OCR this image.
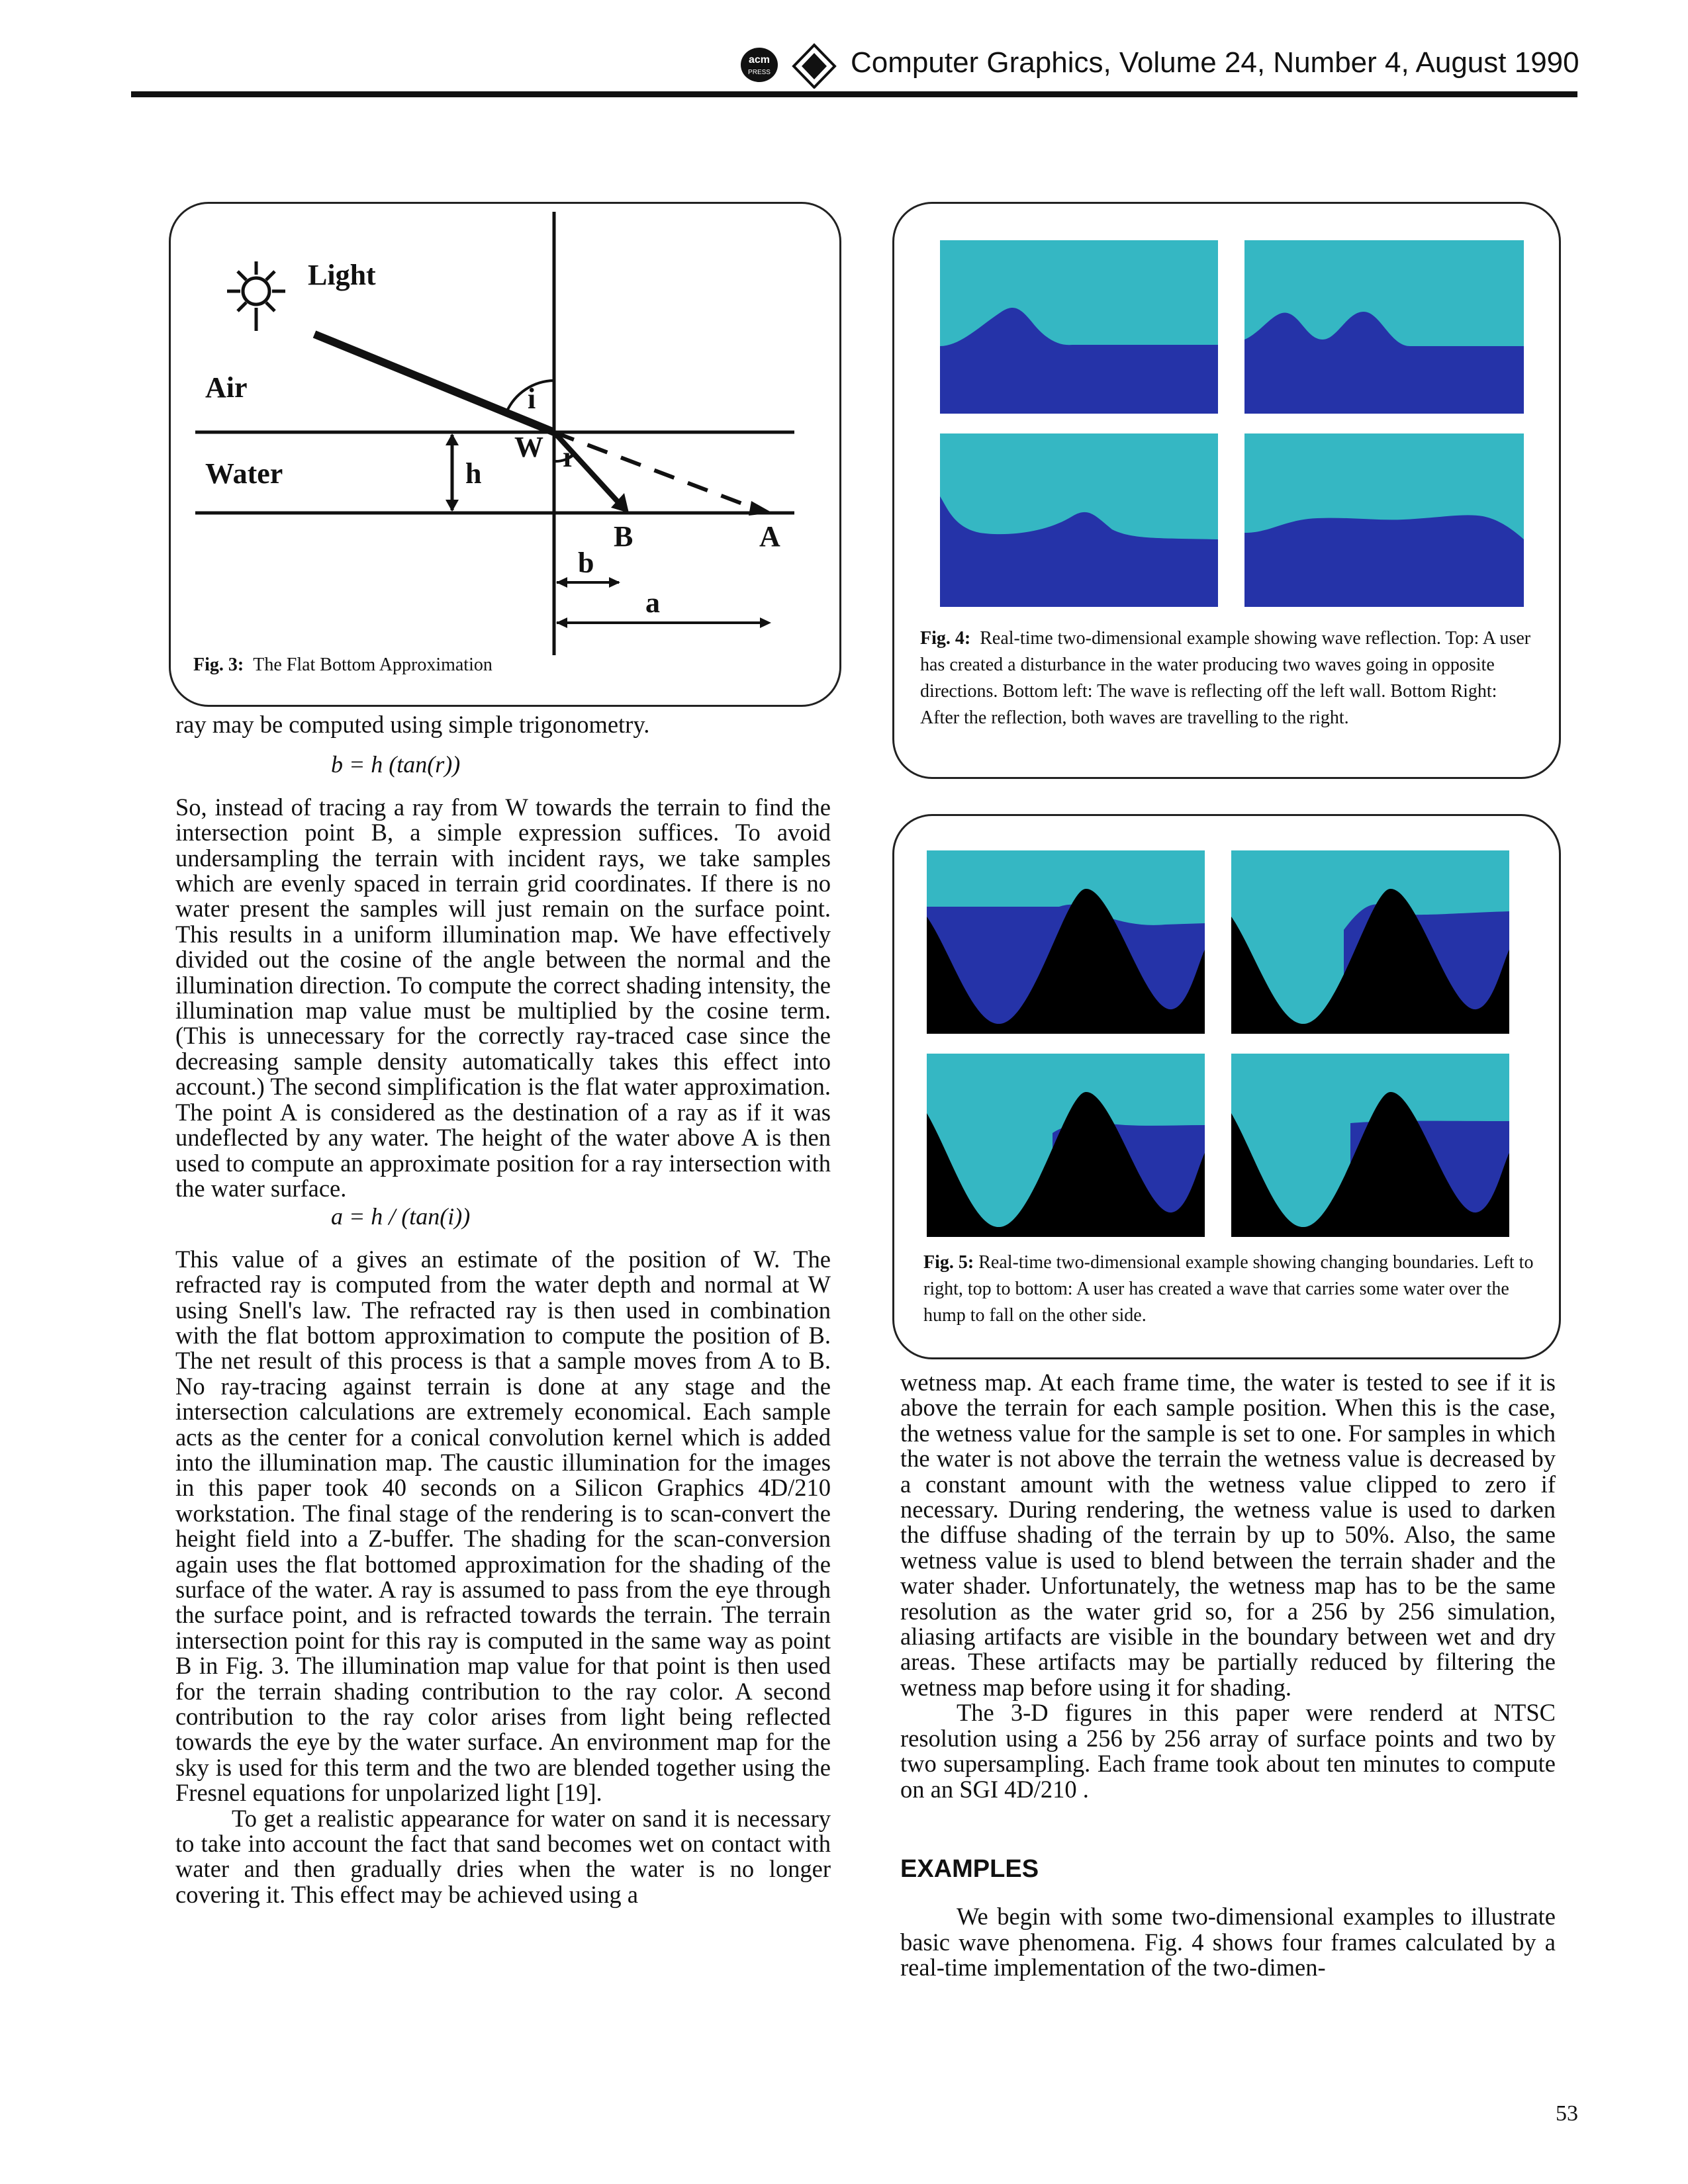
acm
PRESS	Computer Graphics, Volume 24, Number 4, August 1990
Light
Air
Water
i
r
W
h
B	A
b
a
Fig. 3: The Flat Bottom Approximation
Fig. 4: Real-time two-dimensional example showing wave reflection. Top: A user has created a disturbance in the water producing two waves going in opposite directions. Bottom left: The wave is reflecting off the left wall. Bottom Right: After the reflection, both waves are travelling to the right.
Fig. 5: Real-time two-dimensional example showing changing boundaries. Left to right, top to bottom: A user has created a wave that carries some water over the hump to fall on the other side.

ray may be computed using simple trigonometry.

b = h (tan(r))

So, instead of tracing a ray from W towards the terrain to find the intersection point B, a simple expression suffices. To avoid undersampling the terrain with incident rays, we take samples which are evenly spaced in terrain grid coordinates. If there is no water present the samples will just remain on the surface point. This results in a uniform illumination map. We have effectively divided out the cosine of the angle between the normal and the illumination direction. To compute the correct shading intensity, the illumination map value must be multiplied by the cosine term. (This is unnecessary for the correctly ray-traced case since the decreasing sample density automatically takes this effect into account.) The second simplification is the flat water approximation. The point A is considered as the destination of a ray as if it was undeflected by any water. The height of the water above A is then used to compute an approximate position for a ray intersection with the water surface.

a = h / (tan(i))

This value of a gives an estimate of the position of W. The refracted ray is computed from the water depth and normal at W using Snell's law. The refracted ray is then used in combination with the flat bottom approximation to compute the position of B. The net result of this process is that a sample moves from A to B. No ray-tracing against terrain is done at any stage and the intersection calculations are extremely economical. Each sample acts as the center for a conical convolution kernel which is added into the illumination map. The caustic illumination for the images in this paper took 40 seconds on a Silicon Graphics 4D/210 workstation. The final stage of the rendering is to scan-convert the height field into a Z-buffer. The shading for the scan-conversion again uses the flat bottomed approximation for the shading of the surface of the water. A ray is assumed to pass from the eye through the surface point, and is refracted towards the terrain. The terrain intersection point for this ray is computed in the same way as point B in Fig. 3. The illumination map value for that point is then used for the terrain shading contribution to the ray color. A second contribution to the ray color arises from light being reflected towards the eye by the water surface. An environment map for the sky is used for this term and the two are blended together using the Fresnel equations for unpolarized light [19].

To get a realistic appearance for water on sand it is necessary to take into account the fact that sand becomes wet on contact with water and then gradually dries when the water is no longer covering it. This effect may be achieved using a

wetness map. At each frame time, the water is tested to see if it is above the terrain for each sample position. When this is the case, the wetness value for the sample is set to one. For samples in which the water is not above the terrain the wetness value is decreased by a constant amount with the wetness value clipped to zero if necessary. During rendering, the wetness value is used to darken the diffuse shading of the terrain by up to 50%. Also, the same wetness value is used to blend between the terrain shader and the water shader. Unfortunately, the wetness map has to be the same resolution as the water grid so, for a 256 by 256 simulation, aliasing artifacts are visible in the boundary between wet and dry areas. These artifacts may be partially reduced by filtering the wetness map before using it for shading.

The 3-D figures in this paper were renderd at NTSC resolution using a 256 by 256 array of surface points and two by two supersampling. Each frame took about ten minutes to compute on an SGI 4D/210 .

EXAMPLES

We begin with some two-dimensional examples to illustrate basic wave phenomena. Fig. 4 shows four frames calculated by a real-time implementation of the two-dimen-

53
